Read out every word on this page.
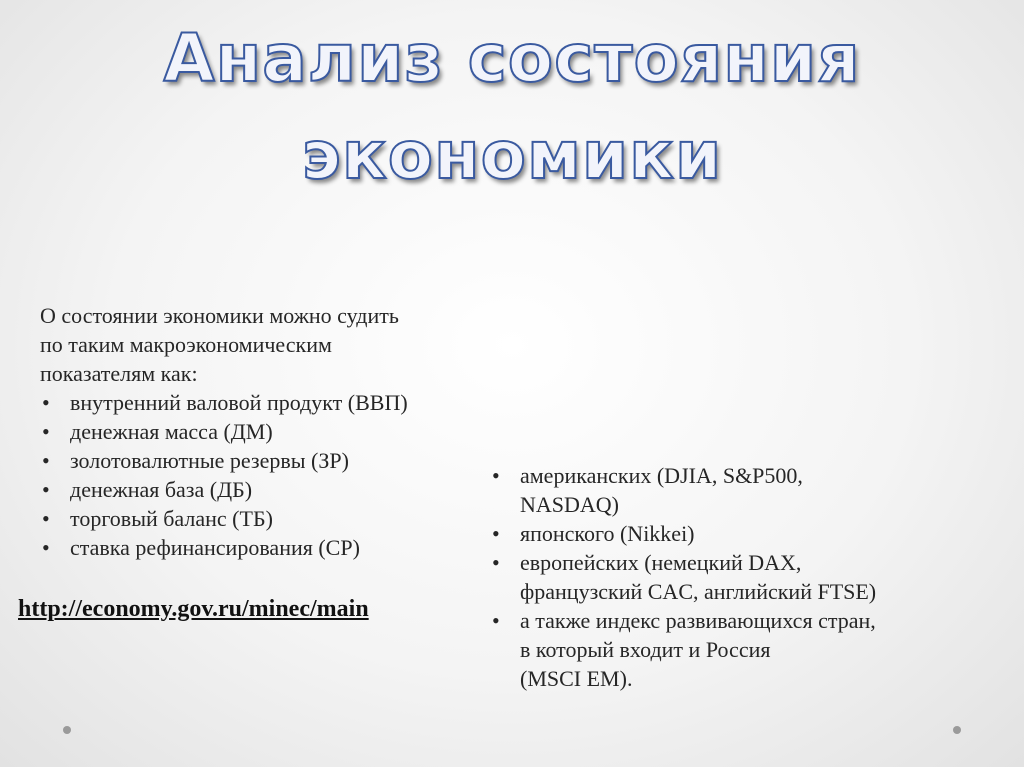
Анализ состояния
экономики

О состоянии экономики можно судить
по таким макроэкономическим
показателям как:

• внутренний валовой продукт (ВВП)
• денежная масса (ДМ)
• золотовалютные резервы (ЗР)
• денежная база (ДБ)
• торговый баланс (ТБ)
• ставка рефинансирования (СР)
http://economy.gov.ru/minec/main
• американских (DJIA, S&P500,
NASDAQ)
• японского (Nikkei)
• европейских (немецкий DAX,
французский CAC, английский FTSE)
• а также индекс развивающихся стран,
в который входит и Россия
(MSCI EM).
